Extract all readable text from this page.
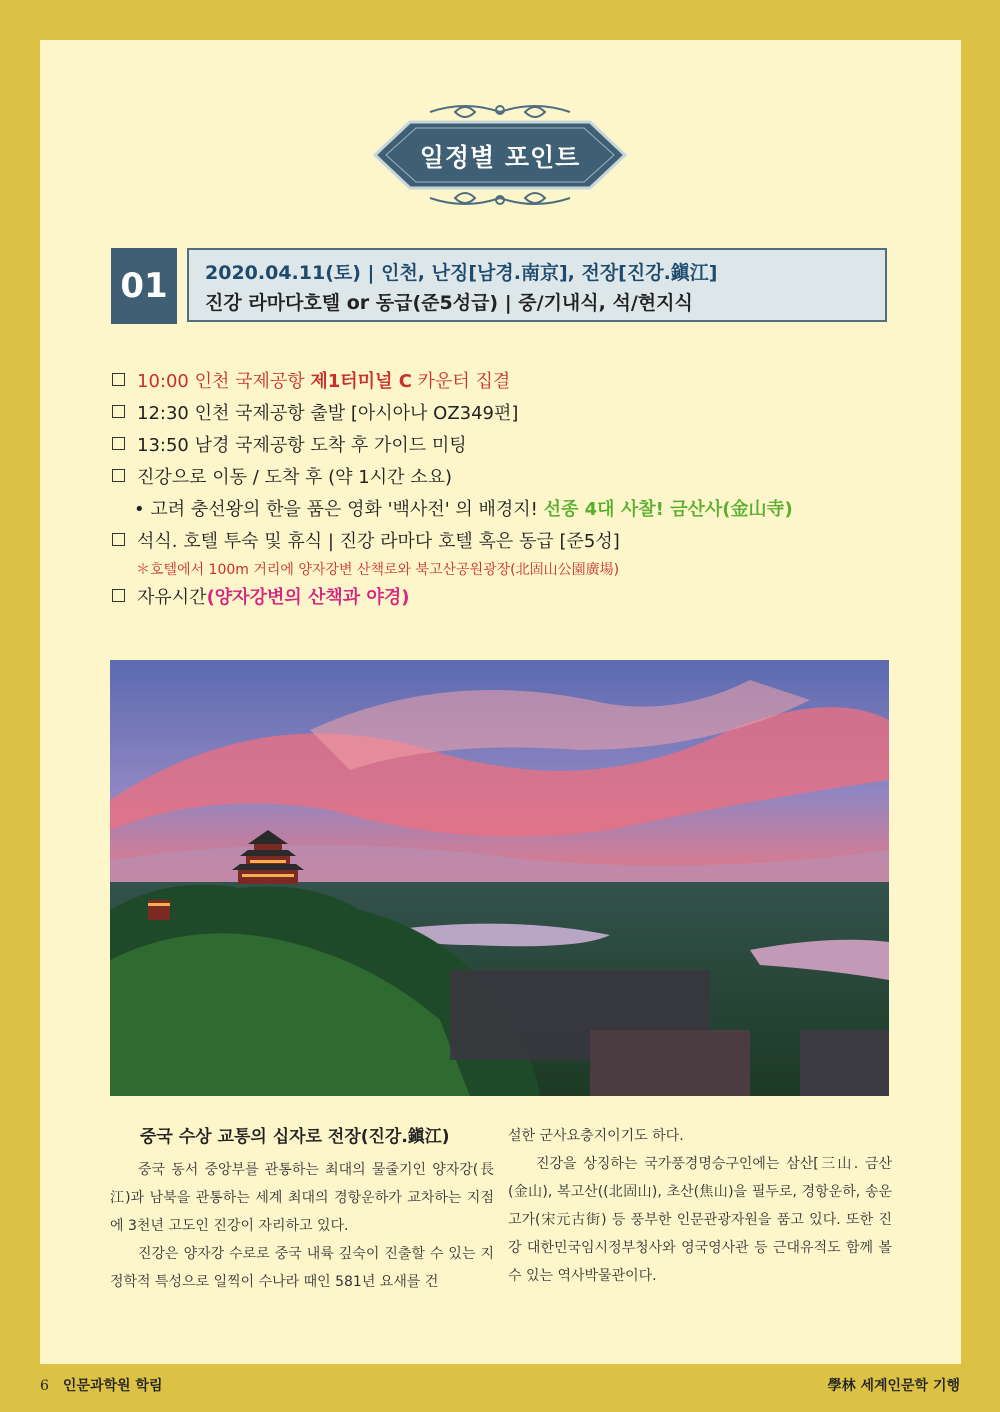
일정별 포인트
01	2020.04.11(토) | 인천, 난징[남경.南京], 전장[진강.鎭江]
진강 라마다호텔 or 동급(준5성급) | 중/기내식, 석/현지식
10:00 인천 국제공항 제1터미널 C 카운터 집결
12:30 인천 국제공항 출발 [아시아나 OZ349편]
13:50 남경 국제공항 도착 후 가이드 미팅
진강으로 이동 / 도착 후 (약 1시간 소요)
• 고려 충선왕의 한을 품은 영화 '백사전' 의 배경지! 선종 4대 사찰! 금산사(金山寺)
석식. 호텔 투숙 및 휴식 | 진강 라마다 호텔 혹은 동급 [준5성]
＊호텔에서 100m 거리에 양자강변 산책로와 북고산공원광장(北固山公園廣場)
자유시간(양자강변의 산책과 야경)
중국 수상 교통의 십자로 전장(진강.鎭江)
중국 동서 중앙부를 관통하는 최대의 물줄기인 양자강(長江)과 남북을 관통하는 세계 최대의 경항운하가 교차하는 지점에 3천년 고도인 진강이 자리하고 있다.
진강은 양자강 수로로 중국 내륙 깊숙이 진출할 수 있는 지정학적 특성으로 일찍이 수나라 때인 581년 요새를 건
설한 군사요충지이기도 하다.
진강을 상징하는 국가풍경명승구인에는 삼산[三山. 금산(金山), 복고산((北固山), 초산(焦山)을 필두로, 경항운하, 송운고가(宋元古街) 등 풍부한 인문관광자원을 품고 있다. 또한 진강 대한민국임시정부청사와 영국영사관 등 근대유적도 함께 볼 수 있는 역사박물관이다.
6 인문과학원 학림	學林 세계인문학 기행
